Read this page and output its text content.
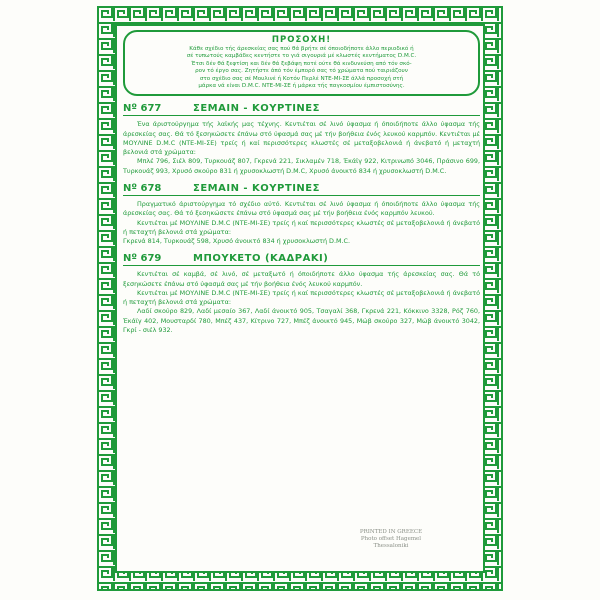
ΠΡΟΣΟΧΗ!
Κάθε σχέδιο τής άρεσκείας σας πού θά βρήτε σέ όποιοδήποτε άλλο περιοδικό ή
σέ τυπωτούς καμβάδες κεντήστε το γιά σιγουριά μέ κλωστές κεντήματος D.M.C.
Έτσι δέν θά ξεφτίση και δέν θά ξεβάψη ποτέ ούτε θά κινδυνεύση από τόν σκό-
ρον τό έργο σας. Ζητήστε άπό τόν έμπορό σας τό χρώματα πού ταιριάζουν
στο σχέδιο σας σέ Μουλινέ ή Κοτόν Περλέ ΝΤΕ-ΜΙ-ΣΕ άλλά προσοχή στή
μάρκα νά είναι D.M.C. ΝΤΕ-ΜΙ-ΣΕ ή μάρκα τής παγκοσμίου έμπιστοσύνης.
Nº 677	ΣΕΜΑΙΝ - ΚΟΥΡΤΙΝΕΣ

Ένα άριστούργημα τής λαϊκής μας τέχνης. Κεντιέται σέ λινό ύφασμα ή όποιδήποτε άλλο ύφασμα τής άρεσκείας σας. Θά τό ξεσηκώσετε έπάνω στό ύφασμά σας μέ τήν βοήθεια ένός λευκού καρμπόν. Κεντιέται μέ ΜΟΥΛΙΝΕ D.M.C (ΝΤΕ-ΜΙ-ΣΕ) τρείς ή καί περισσότερες κλωστές σέ μεταξοβελονιά ή άνεβατό ή μεταχτή βελονιά στά χρώματα:

Μπλέ 796, Σιέλ 809, Τυρκουάζ 807, Γκρενά 221, Σικλαμέν 718, Έκάϊγ 922, Κιτρινωπό 3046, Πράσινο 699, Τυρκουάζ 993, Χρυσό σκούρο 831 ή χρυσοκλωστή D.M.C, Χρυσό άνοικτό 834 ή χρυσοκλωστή D.M.C.

Nº 678	ΣΕΜΑΙΝ - ΚΟΥΡΤΙΝΕΣ

Πραγματικό άριστούργημα τό σχέδιο αύτό. Κεντιέται σέ λινό ύφασμα ή όποιδήποτε άλλο ύφασμα τής άρεσκείας σας. Θά τό ξεσηκώσετε έπάνω στό ύφασμά σας μέ τήν βοήθεια ένός καρμπόν λευκού.

Κεντιέται μέ ΜΟΥΛΙΝΕ D.M.C (ΝΤΕ-ΜΙ-ΣΕ) τρείς ή καί περισσότερες κλωστές σέ μεταξοβελονιά ή άνεβατό ή πεταχτή βελονιά στά χρώματα:

Γκρενά 814, Τυρκουάζ 598, Χρυσό άνοικτό 834 ή χρυσοκλωστή D.M.C.

Nº 679	ΜΠΟΥΚΕΤΟ (ΚΑΔΡΑΚΙ)

Κεντιέται σέ καμβά, σέ λινό, σέ μεταξωτό ή όποιδήποτε άλλο ύφασμα τής άρεσκείας σας. Θά τό ξεσηκώσετε έπάνω στό ύφασμά σας μέ τήν βοήθεια ένός λευκού καρμπόν.

Κεντιέται μέ ΜΟΥΛΙΝΕ D.M.C (ΝΤΕ-ΜΙ-ΣΕ) τρείς ή καί περισσότερες κλωστές σέ μεταξοβελονιά ή άνεβατό ή πεταχτή βελονιά στά χρώματα:

Λαδί σκούρο 829, Λαδί μεσαίο 367, Λαδί άνοικτό 905, Τσαγαλί 368, Γκρενά 221, Κόκκινο 3328, Ρόζ 760, Έκάϊγ 402, Μουσταρδί 780, Μπέζ 437, Κίτρινο 727, Μπέζ άνοικτό 945, Μώβ σκούρο 327, Μώβ άνοικτό 3042, Γκρί - σιέλ 932.

PRINTED IN GREECE
Photo offset Hagemel
Thessaloniki
